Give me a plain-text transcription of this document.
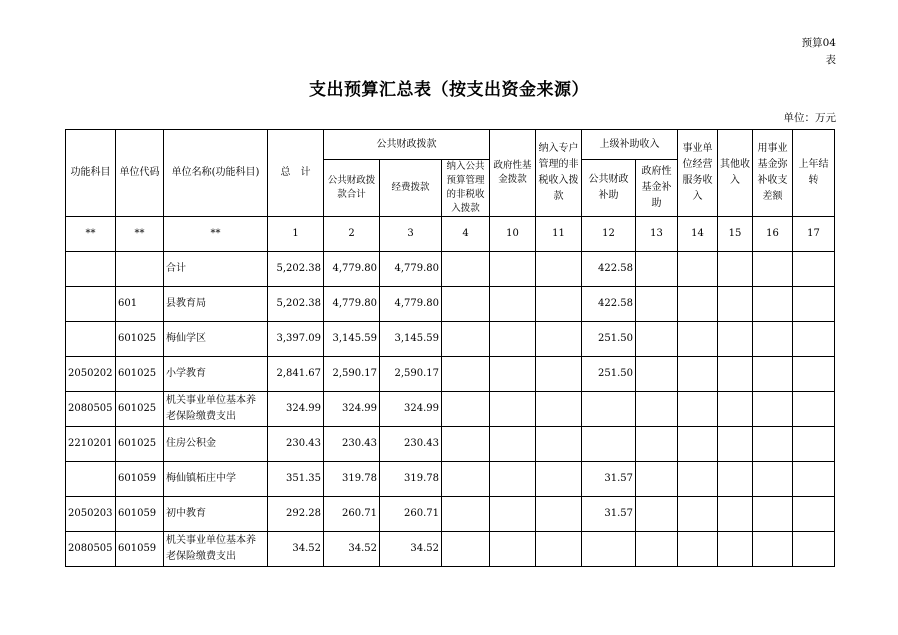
预算04
表
支出预算汇总表（按支出资金来源）
单位：万元
功能科目	单位代码	单位名称(功能科目)	总　计	公共财政拨款			政府性基金拨款	纳入专户管理的非税收入拨款	上级补助收入		事业单位经营服务收入	其他收入	用事业基金弥补收支差额	上年结转
				公共财政拨款合计	经费拨款	纳入公共预算管理的非税收入拨款			公共财政补助	政府性基金补助				
**	**	**	1	2	3	4	10	11	12	13	14	15	16	17
		合计	5,202.38	4,779.80	4,779.80				422.58					
	601	县教育局	5,202.38	4,779.80	4,779.80				422.58					
	601025	梅仙学区	3,397.09	3,145.59	3,145.59				251.50					
2050202	601025	小学教育	2,841.67	2,590.17	2,590.17				251.50					
2080505	601025	机关事业单位基本养老保险缴费支出	324.99	324.99	324.99									
2210201	601025	住房公积金	230.43	230.43	230.43									
	601059	梅仙镇柘庄中学	351.35	319.78	319.78				31.57					
2050203	601059	初中教育	292.28	260.71	260.71				31.57					
2080505	601059	机关事业单位基本养老保险缴费支出	34.52	34.52	34.52									
